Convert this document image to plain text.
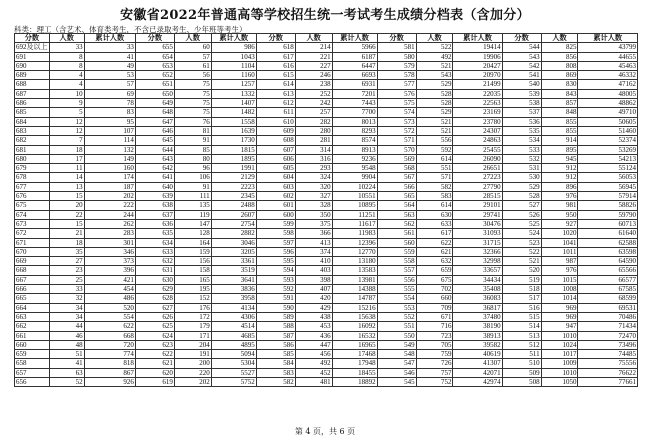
安徽省2022年普通高等学校招生统一考试考生成绩分档表（含加分）
科类：理工（含艺术、体育类考生，不含已录取考生、少年班等考生）
分数	人数	累计人数	分数	人数	累计人数	分数	人数	累计人数	分数	人数	累计人数	分数	人数	累计人数
692及以上	33	33	655	60	986	618	214	5966	581	522	19414	544	825	43799
691	8	41	654	57	1043	617	221	6187	580	492	19906	543	856	44655
690	8	49	653	61	1104	616	227	6447	579	521	20427	542	808	45463
689	4	53	652	56	1160	615	246	6693	578	543	20970	541	869	46332
688	4	57	651	75	1257	614	238	6931	577	529	21499	540	830	47162
687	10	69	650	75	1332	613	252	7201	576	528	22035	539	843	48005
686	9	78	649	75	1407	612	242	7443	575	528	22563	538	857	48862
685	5	83	648	75	1482	611	257	7700	574	529	23169	537	848	49710
684	12	95	647	76	1558	610	282	8013	573	521	23780	536	855	50605
683	12	107	646	81	1639	609	280	8293	572	521	24307	535	855	51460
682	7	114	645	91	1730	608	281	8574	571	556	24863	534	914	52374
681	18	132	644	85	1815	607	314	8913	570	592	25455	533	895	53269
680	17	149	643	80	1895	606	316	9236	569	614	26090	532	945	54213
679	11	160	642	96	1991	605	293	9548	568	551	26651	531	912	55124
678	14	174	641	106	2129	604	324	9904	567	571	27223	530	912	56053
677	13	187	640	91	2223	603	320	10224	566	582	27790	529	896	56945
676	15	202	639	111	2345	602	327	10551	565	583	28515	528	976	57914
675	20	222	638	135	2488	601	328	10895	564	614	29101	527	981	58826
674	22	244	637	119	2607	600	350	11251	563	630	29741	526	950	59790
673	15	262	636	147	2754	599	375	11617	562	633	30476	525	927	60713
672	21	283	635	128	2882	598	366	11983	561	617	31093	524	1020	61640
671	18	301	634	164	3046	597	413	12396	560	622	31715	523	1041	62588
670	35	346	633	159	3205	596	374	12770	559	621	32366	522	1011	63598
669	27	373	632	156	3361	595	410	13180	558	632	32998	521	987	64590
668	23	396	631	158	3519	594	403	13583	557	659	33657	520	976	65566
667	25	421	630	165	3641	593	398	13981	556	675	34434	519	1015	66577
666	33	454	629	195	3836	592	407	14388	555	702	35408	518	1008	67585
665	32	486	628	152	3958	591	420	14787	554	660	36083	517	1014	68599
664	34	520	627	176	4134	590	429	15216	553	709	36817	516	969	69531
663	34	554	626	172	4306	589	438	15638	552	671	37480	515	969	70486
662	44	622	625	179	4514	588	453	16092	551	716	38190	514	947	71434
661	46	668	624	171	4685	587	436	16532	550	723	38913	513	1010	72470
660	48	720	623	204	4895	586	447	16965	549	705	39582	512	1024	73496
659	51	774	622	191	5094	585	456	17468	548	759	40619	511	1017	74485
658	41	818	621	200	5304	584	492	17948	547	726	41307	510	1009	75556
657	63	867	620	220	5527	583	452	18455	546	757	42071	509	1010	76622
656	52	926	619	202	5752	582	481	18892	545	752	42974	508	1050	77661
第 4 页，共 6 页
